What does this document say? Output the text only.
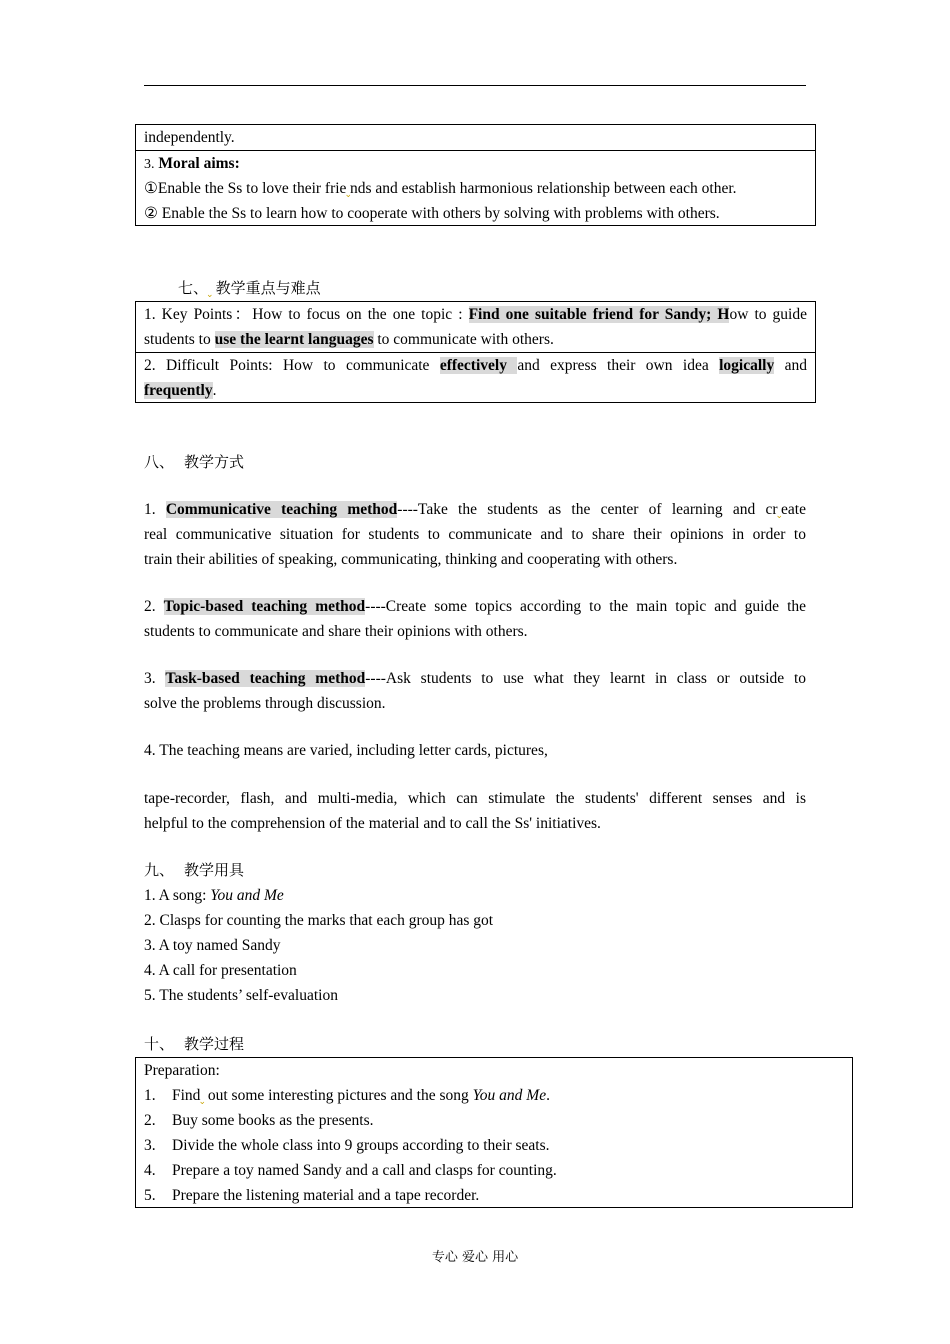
independently.
3. Moral aims:
①Enable the Ss to love their frie$_⌄$nds and establish harmonious relationship between each other.
② Enable the Ss to learn how to cooperate with others by solving with problems with others.
七、$_⌄$ 教学重点与难点
1. Key Points：How to focus on the one topic : Find one suitable friend for Sandy; How to guide
students to use the learnt languages to communicate with others.
2. Difficult Points: How to communicate effectively and express their own idea logically and
frequently.
八、 教学方式
1. Communicative teaching method----Take the students as the center of learning and $cr_⌄eate$
real communicative situation for students to communicate and to share their opinions in order to
train their abilities of speaking, communicating, thinking and cooperating with others.
2. Topic-based teaching method----Create some topics according to the main topic and guide the
students to communicate and share their opinions with others.
3. Task-based teaching method----Ask students to use what they learnt in class or outside to
solve the problems through discussion.
4. The teaching means are varied, including letter cards, pictures,
tape-recorder, flash, and multi-media, which can stimulate the students' different senses and is
helpful to the comprehension of the material and to call the Ss' initiatives.
九、 教学用具
1. A song: You and Me
2. Clasps for counting the marks that each group has got
3. A toy named Sandy
4. A call for presentation
5. The students’ self-evaluation
十、 教学过程
Preparation:
1. Find$_⌄$ out some interesting pictures and the song You and Me.
2. Buy some books as the presents.
3. Divide the whole class into 9 groups according to their seats.
4. Prepare a toy named Sandy and a call and clasps for counting.
5. Prepare the listening material and a tape recorder.
专心 爱心 用心
